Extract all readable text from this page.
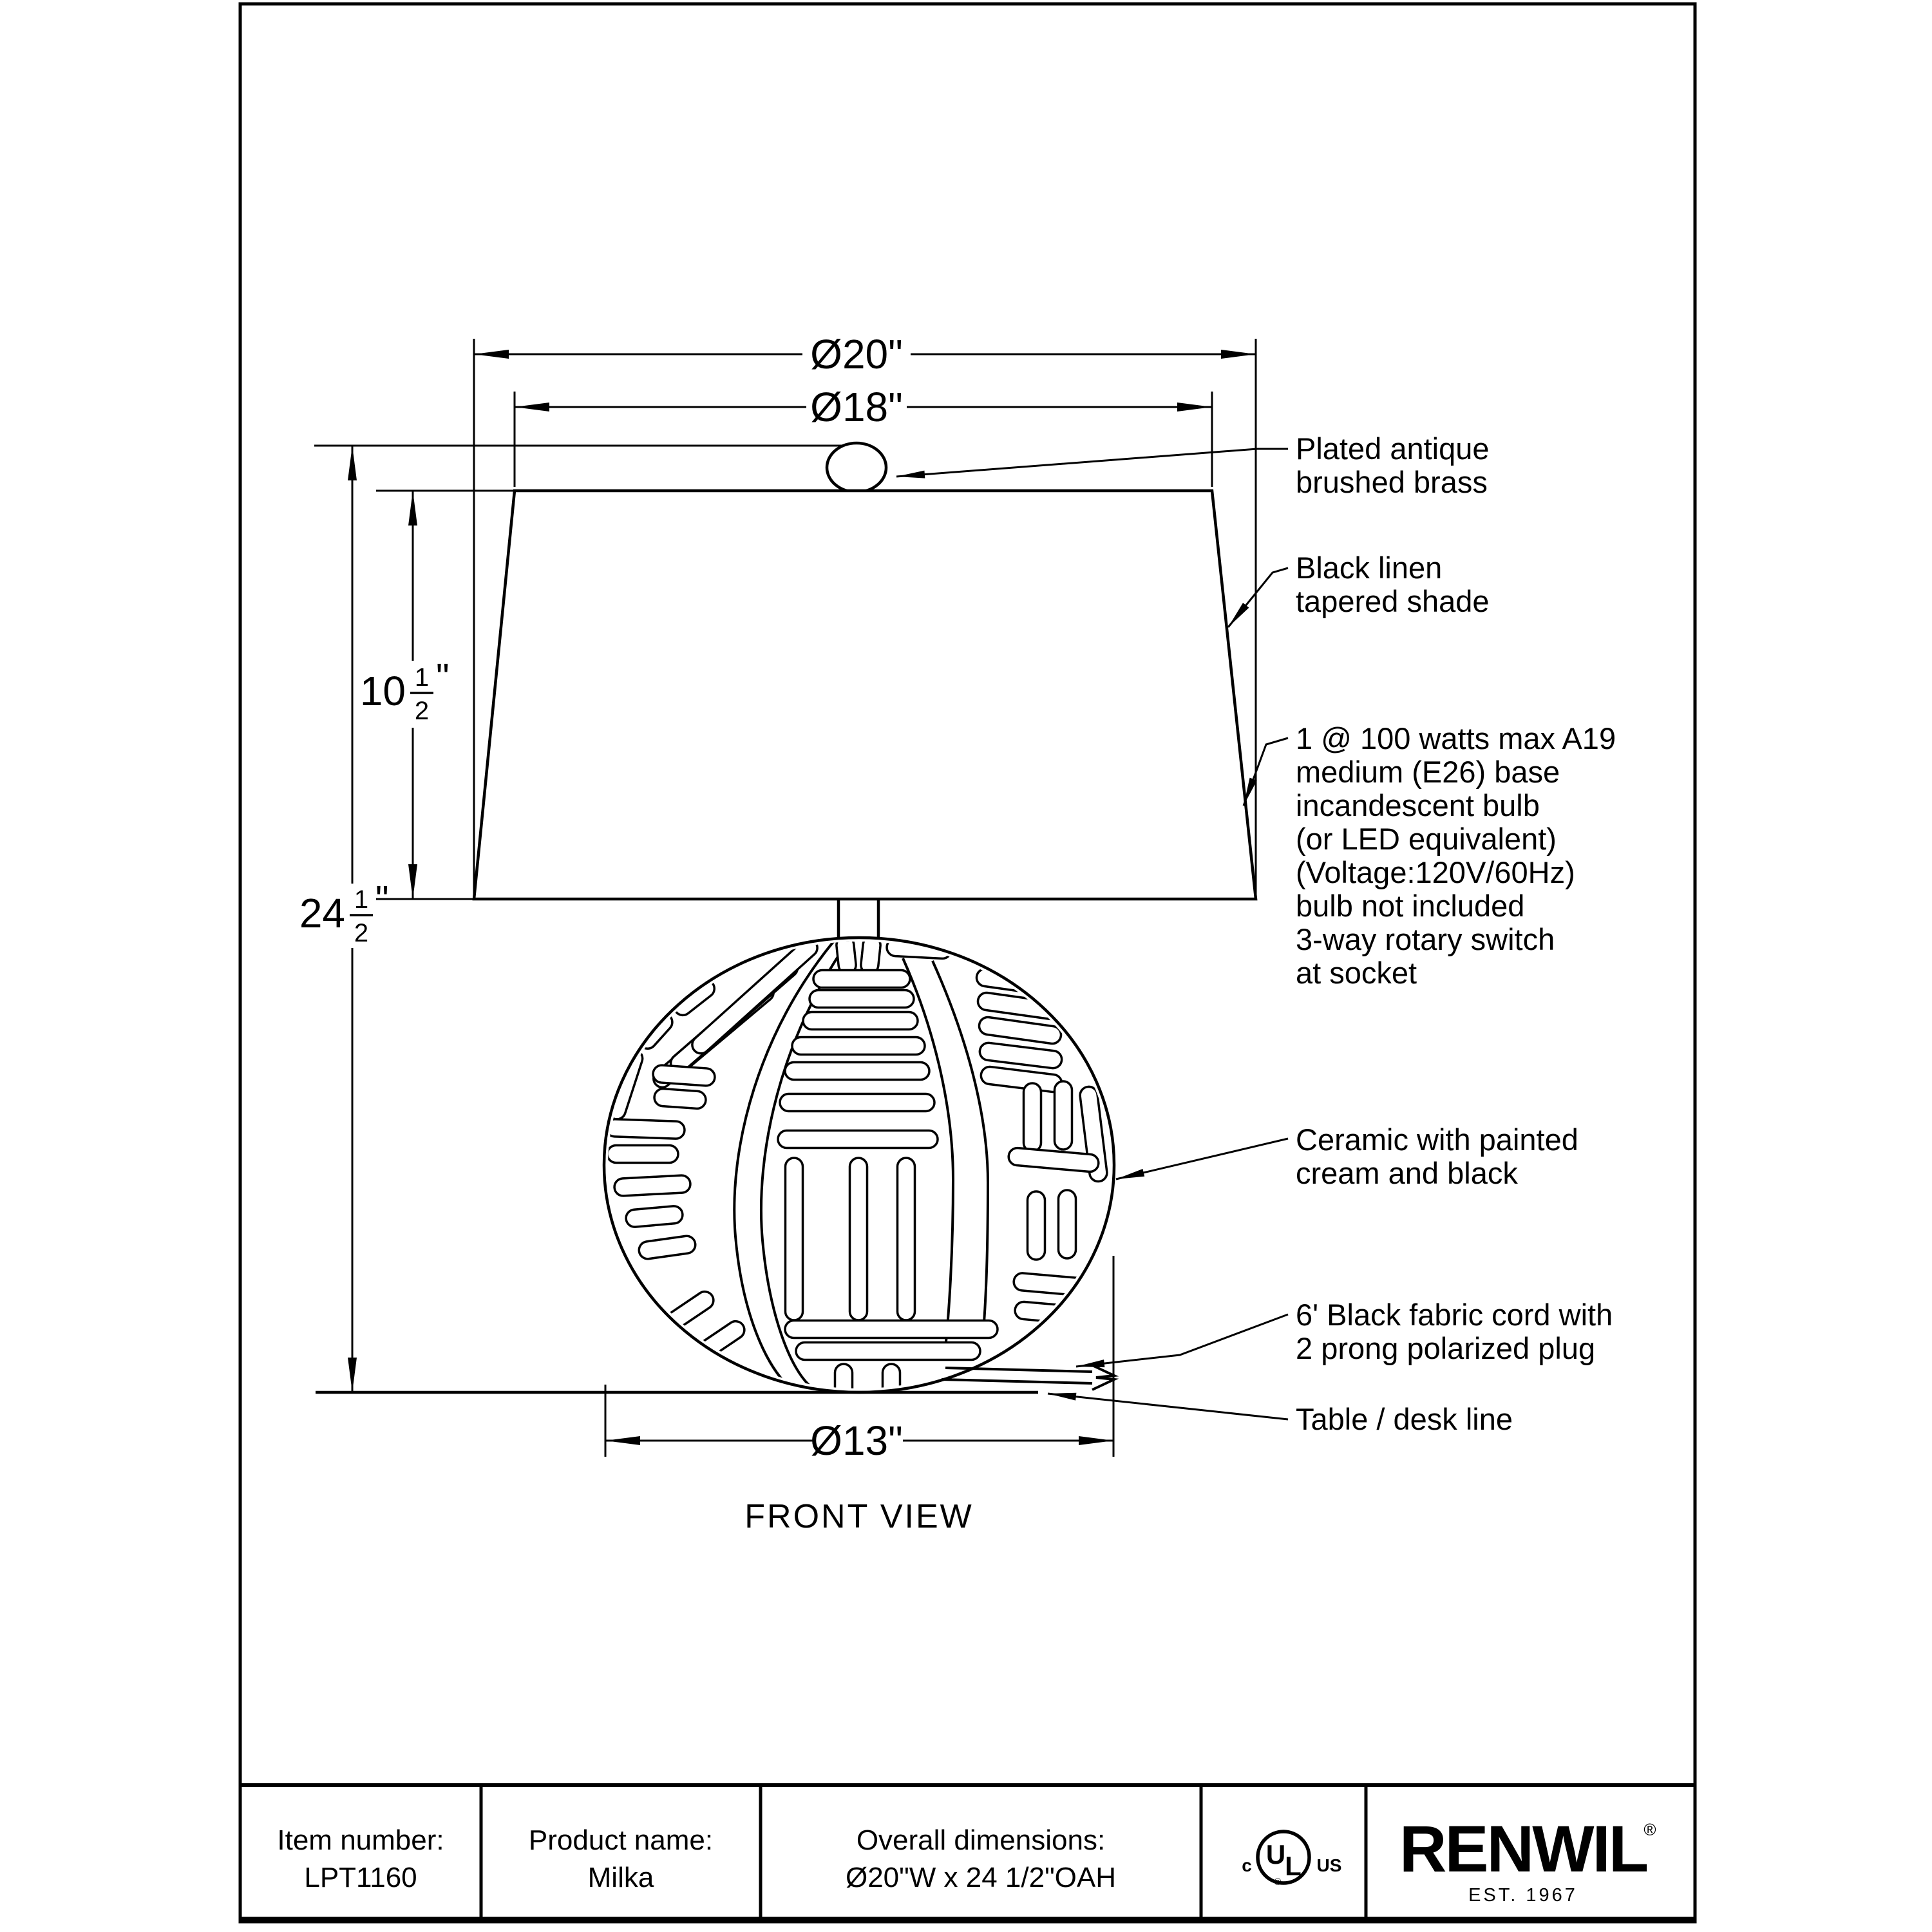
Ø20"
Ø18"
24 1
2
"
10 1
2
"
Ø13"
Plated antique
brushed brass
Black linen
tapered shade
1 @ 100 watts max A19
medium (E26) base
incandescent bulb
(or LED equivalent)
(Voltage:120V/60Hz)
bulb not included
3-way rotary switch
at socket
Ceramic with painted
cream and black
6' Black fabric cord with
2 prong polarized plug
Table / desk line
FRONT VIEW
Item number:
LPT1160
Product name:
Milka
Overall dimensions:
Ø20"W x 24 1/2"OAH
U L
®
c	US RENWIL
®
EST. 1967
